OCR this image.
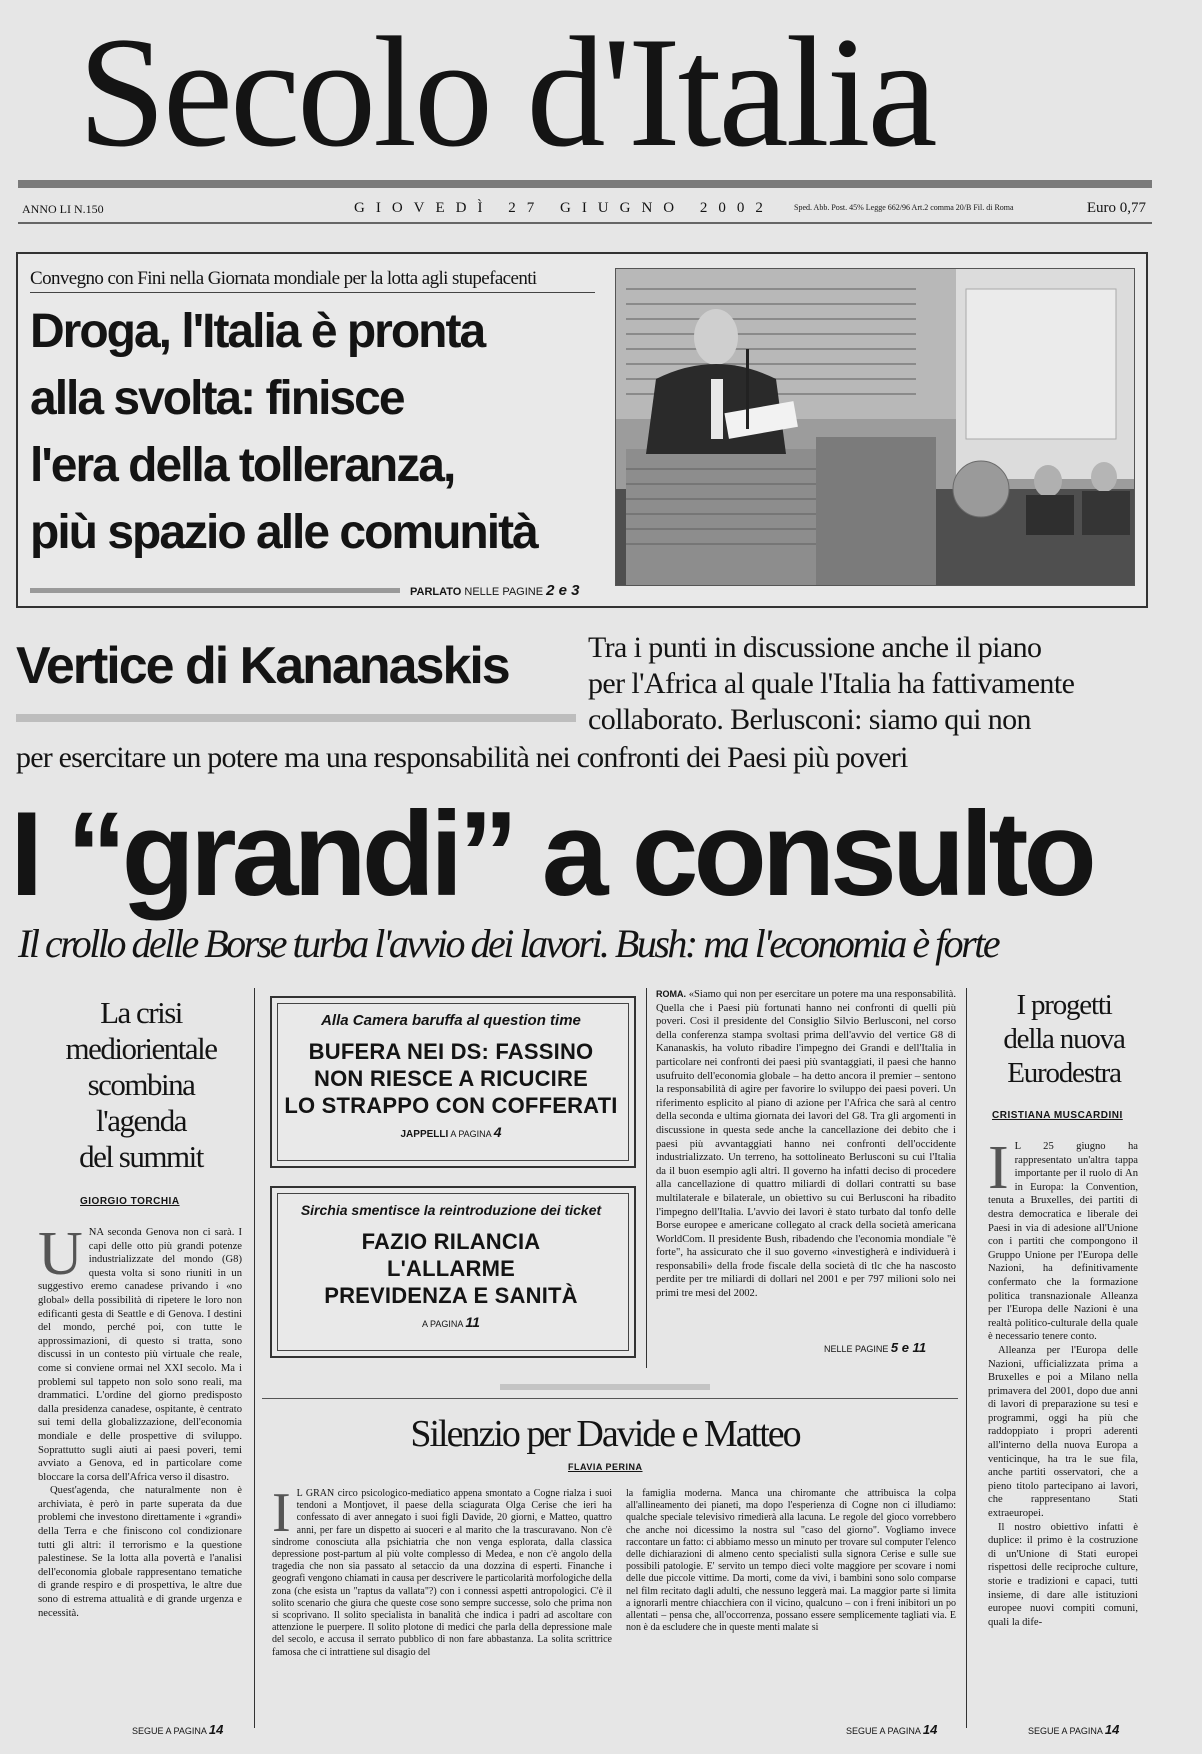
Secolo d'Italia
ANNO LI N.150	GIOVEDÌ 27 GIUGNO 2002	Sped. Abb. Post. 45% Legge 662/96 Art.2 comma 20/B Fil. di Roma	Euro 0,77
Convegno con Fini nella Giornata mondiale per la lotta agli stupefacenti
Droga, l'Italia è pronta
alla svolta: finisce
l'era della tolleranza,
più spazio alle comunità
PARLATO NELLE PAGINE 2 e 3
Vertice di Kananaskis	Tra i punti in discussione anche il piano
per l'Africa al quale l'Italia ha fattivamente
collaborato. Berlusconi: siamo qui non
per esercitare un potere ma una responsabilità nei confronti dei Paesi più poveri
I “grandi” a consulto
Il crollo delle Borse turba l'avvio dei lavori. Bush: ma l'economia è forte
La crisi
mediorientale
scombina
l'agenda
del summit
GIORGIO TORCHIA
UNA seconda Genova non ci sarà. I capi delle otto più grandi potenze industrializzate del mondo (G8) questa volta si sono riuniti in un suggestivo eremo canadese privando i «no global» della possibilità di ripetere le loro non edificanti gesta di Seattle e di Genova. I destini del mondo, perché poi, con tutte le approssimazioni, di questo si tratta, sono discussi in un contesto più virtuale che reale, come si conviene ormai nel XXI secolo. Ma i problemi sul tappeto non solo sono reali, ma drammatici. L'ordine del giorno predisposto dalla presidenza canadese, ospitante, è centrato sui temi della globalizzazione, dell'economia mondiale e delle prospettive di sviluppo. Soprattutto sugli aiuti ai paesi poveri, temi avviato a Genova, ed in particolare come bloccare la corsa dell'Africa verso il disastro.
Quest'agenda, che naturalmente non è archiviata, è però in parte superata da due problemi che investono direttamente i «grandi» della Terra e che finiscono col condizionare tutti gli altri: il terrorismo e la questione palestinese. Se la lotta alla povertà e l'analisi dell'economia globale rappresentano tematiche di grande respiro e di prospettiva, le altre due sono di estrema attualità e di grande urgenza e necessità.
SEGUE A PAGINA 14
Alla Camera baruffa al question time
BUFERA NEI DS: FASSINO
NON RIESCE A RICUCIRE
LO STRAPPO CON COFFERATI
JAPPELLI A PAGINA 4
Sirchia smentisce la reintroduzione dei ticket
FAZIO RILANCIA
L'ALLARME
PREVIDENZA E SANITÀ
A PAGINA 11
ROMA. «Siamo qui non per esercitare un potere ma una responsabilità. Quella che i Paesi più fortunati hanno nei confronti di quelli più poveri. Così il presidente del Consiglio Silvio Berlusconi, nel corso della conferenza stampa svoltasi prima dell'avvio del vertice G8 di Kananaskis, ha voluto ribadire l'impegno dei Grandi e dell'Italia in particolare nei confronti dei paesi più svantaggiati, il paesi che hanno usufruito dell'economia globale – ha detto ancora il premier – sentono la responsabilità di agire per favorire lo sviluppo dei paesi poveri. Un riferimento esplicito al piano di azione per l'Africa che sarà al centro della seconda e ultima giornata dei lavori del G8. Tra gli argomenti in discussione in questa sede anche la cancellazione dei debito che i paesi più avvantaggiati hanno nei confronti dell'occidente industrializzato. Un terreno, ha sottolineato Berlusconi su cui l'Italia da il buon esempio agli altri. Il governo ha infatti deciso di procedere alla cancellazione di quattro miliardi di dollari contratti su base multilaterale e bilaterale, un obiettivo su cui Berlusconi ha ribadito l'impegno dell'Italia. L'avvio dei lavori è stato turbato dal tonfo delle Borse europee e americane collegato al crack della società americana WorldCom. Il presidente Bush, ribadendo che l'economia mondiale "è forte", ha assicurato che il suo governo «investigherà e individuerà i responsabili» della frode fiscale della società di tlc che ha nascosto perdite per tre miliardi di dollari nel 2001 e per 797 milioni solo nei primi tre mesi del 2002.
NELLE PAGINE 5 e 11
I progetti
della nuova
Eurodestra
CRISTIANA MUSCARDINI
I L 25 giugno ha rappresentato un'altra tappa importante per il ruolo di An in Europa: la Convention, tenuta a Bruxelles, dei partiti di destra democratica e liberale dei Paesi in via di adesione all'Unione con i partiti che compongono il Gruppo Unione per l'Europa delle Nazioni, ha definitivamente confermato che la formazione politica transnazionale Alleanza per l'Europa delle Nazioni è una realtà politico-culturale della quale è necessario tenere conto.
Alleanza per l'Europa delle Nazioni, ufficializzata prima a Bruxelles e poi a Milano nella primavera del 2001, dopo due anni di lavori di preparazione su tesi e programmi, oggi ha più che raddoppiato i propri aderenti all'interno della nuova Europa a venticinque, ha tra le sue fila, anche partiti osservatori, che a pieno titolo partecipano ai lavori, che rappresentano Stati extraeuropei.
Il nostro obiettivo infatti è duplice: il primo è la costruzione di un'Unione di Stati europei rispettosi delle reciproche culture, storie e tradizioni e capaci, tutti insieme, di dare alle istituzioni europee nuovi compiti comuni, quali la dife-
SEGUE A PAGINA 14
Silenzio per Davide e Matteo
FLAVIA PERINA
I L GRAN circo psicologico-mediatico appena smontato a Cogne rialza i suoi tendoni a Montjovet, il paese della sciagurata Olga Cerise che ieri ha confessato di aver annegato i suoi figli Davide, 20 giorni, e Matteo, quattro anni, per fare un dispetto ai suoceri e al marito che la trascuravano. Non c'è sindrome conosciuta alla psichiatria che non venga esplorata, dalla classica depressione post-partum al più volte complesso di Medea, e non c'è angolo della tragedia che non sia passato al setaccio da una dozzina di esperti. Finanche i geografi vengono chiamati in causa per descrivere le particolarità morfologiche della zona (che esista un "raptus da vallata"?) con i connessi aspetti antropologici. C'è il solito scenario che giura che queste cose sono sempre successe, solo che prima non si scoprivano. Il solito specialista in banalità che indica i padri ad ascoltare con attenzione le puerpere. Il solito plotone di medici che parla della depressione male del secolo, e accusa il serrato pubblico di non fare abbastanza. La solita scrittrice famosa che ci intrattiene sul disagio del
la famiglia moderna. Manca una chiromante che attribuisca la colpa all'allineamento dei pianeti, ma dopo l'esperienza di Cogne non ci illudiamo: qualche speciale televisivo rimedierà alla lacuna. Le regole del gioco vorrebbero che anche noi dicessimo la nostra sul "caso del giorno". Vogliamo invece raccontare un fatto: ci abbiamo messo un minuto per trovare sul computer l'elenco delle dichiarazioni di almeno cento specialisti sulla signora Cerise e sulle sue possibili patologie. E' servito un tempo dieci volte maggiore per scovare i nomi delle due piccole vittime. Da morti, come da vivi, i bambini sono solo comparse nel film recitato dagli adulti, che nessuno leggerà mai. La maggior parte si limita a ignorarli mentre chiacchiera con il vicino, qualcuno – con i freni inibitori un po allentati – pensa che, all'occorrenza, possano essere semplicemente tagliati via. E non è da escludere che in queste menti malate si
SEGUE A PAGINA 14
